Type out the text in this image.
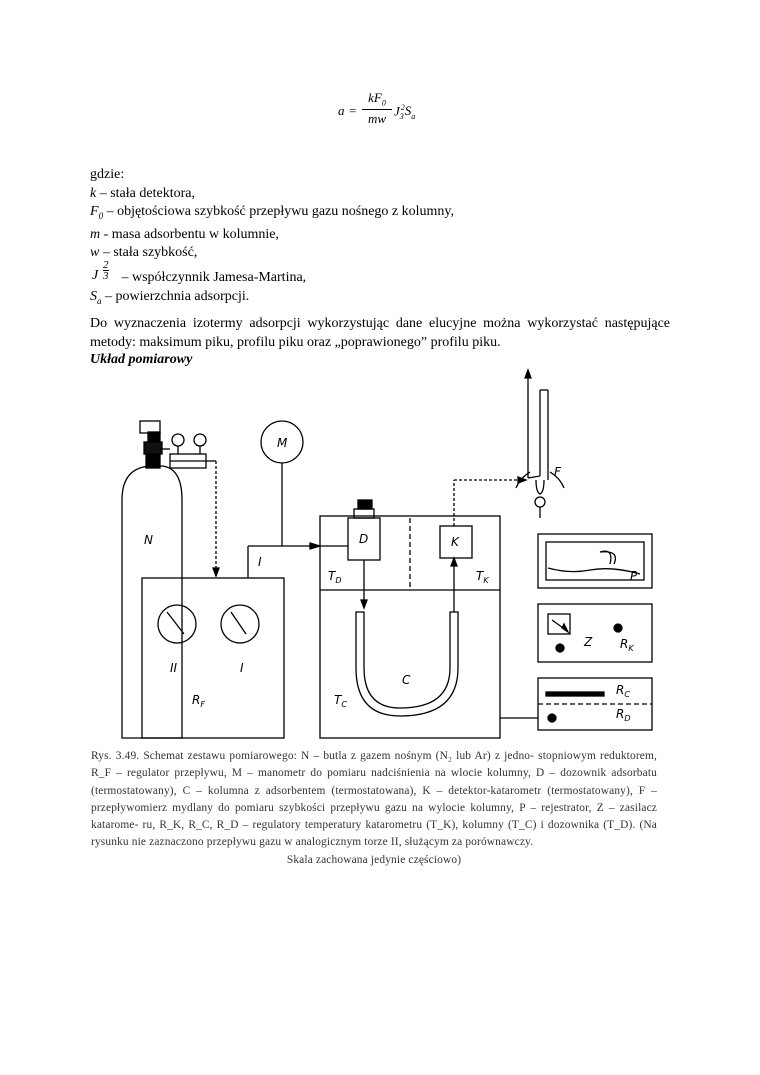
$a = \frac{kF_0}{mw} J^2_3S_a$
gdzie:
k – stała detektora,
$F_0$ – objętościowa szybkość przepływu gazu nośnego z kolumny,
m - masa adsorbentu w kolumnie,
w – stała szybkość,
J
2
3 – współczynnik Jamesa-Martina,
$S_a$ – powierzchnia adsorpcji.
Do wyznaczenia izotermy adsorpcji wykorzystując dane elucyjne można wykorzystać następujące metody: maksimum piku, profilu piku oraz „poprawionego” profilu piku.
Układ pomiarowy
M
N
I
D	K
$T_D$	$T_K$
F
P
Z $R_K$
$R_C$
$R_D$
II	I
$R_F$	$T_C$
C
Rys. 3.49. Schemat zestawu pomiarowego: N – butla z gazem nośnym (N₂ lub Ar) z jedno- stopniowym reduktorem, R_F – regulator przepływu, M – manometr do pomiaru nadciśnienia na wlocie kolumny, D – dozownik adsorbatu (termostatowany), C – kolumna z adsorbentem (termostatowana), K – detektor-katarometr (termostatowany), F – przepływomierz mydlany do pomiaru szybkości przepływu gazu na wylocie kolumny, P – rejestrator, Z – zasilacz katarome- ru, R_K, R_C, R_D – regulatory temperatury katarometru (T_K), kolumny (T_C) i dozownika (T_D). (Na rysunku nie zaznaczono przepływu gazu w analogicznym torze II, służącym za porównawczy.
Skala zachowana jedynie częściowo)
